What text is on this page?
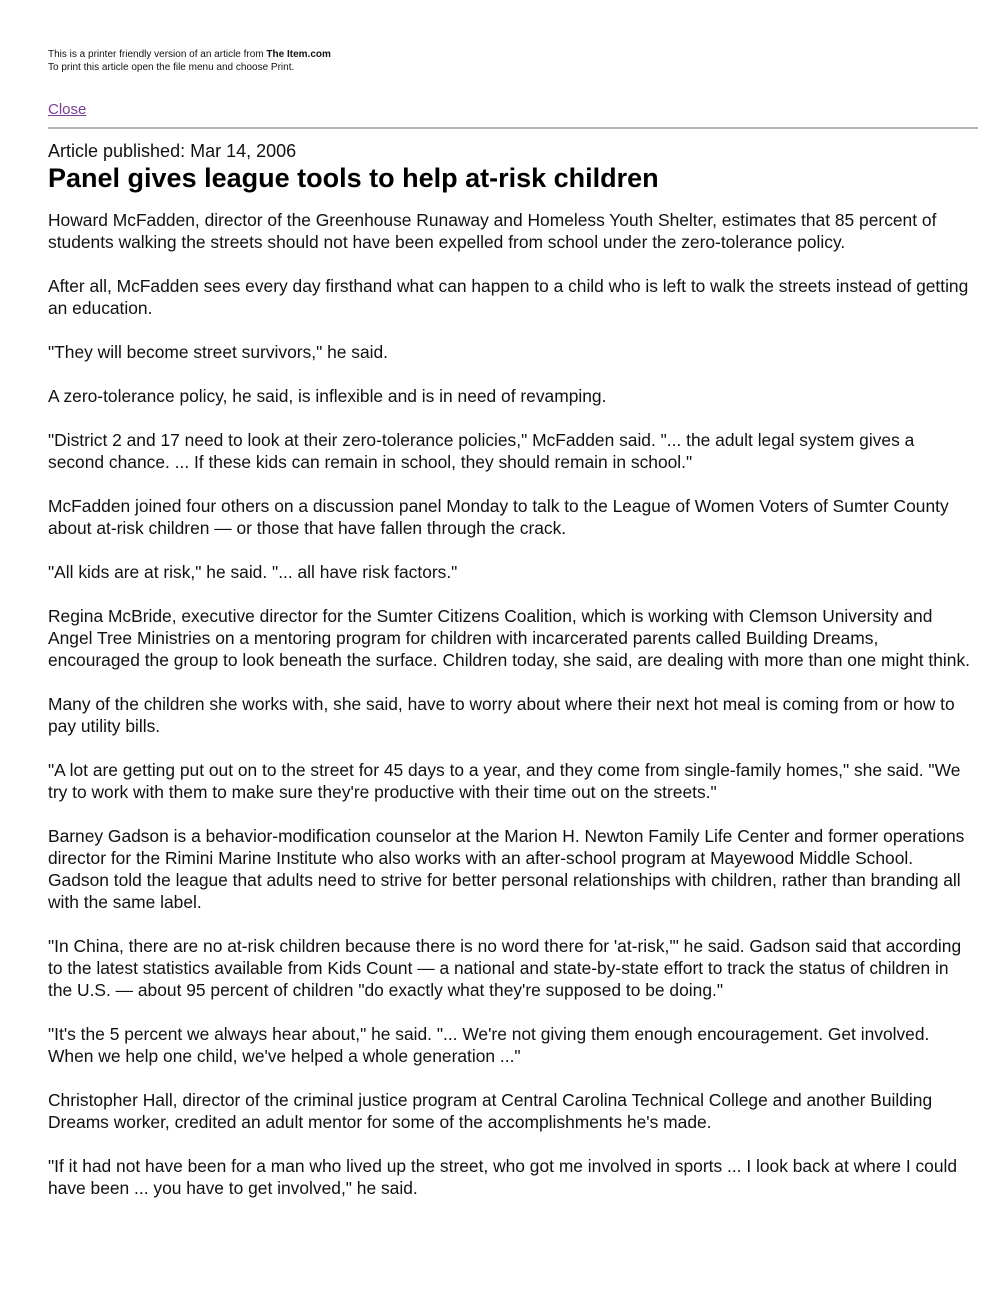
This is a printer friendly version of an article from The Item.com
To print this article open the file menu and choose Print.
Close
Article published: Mar 14, 2006
Panel gives league tools to help at-risk children

Howard McFadden, director of the Greenhouse Runaway and Homeless Youth Shelter, estimates that 85 percent of students walking the streets should not have been expelled from school under the zero-tolerance policy.

After all, McFadden sees every day firsthand what can happen to a child who is left to walk the streets instead of getting an education.

"They will become street survivors," he said.

A zero-tolerance policy, he said, is inflexible and is in need of revamping.

"District 2 and 17 need to look at their zero-tolerance policies," McFadden said. "... the adult legal system gives a second chance. ... If these kids can remain in school, they should remain in school."

McFadden joined four others on a discussion panel Monday to talk to the League of Women Voters of Sumter County about at-risk children — or those that have fallen through the crack.

"All kids are at risk," he said. "... all have risk factors."

Regina McBride, executive director for the Sumter Citizens Coalition, which is working with Clemson University and Angel Tree Ministries on a mentoring program for children with incarcerated parents called Building Dreams, encouraged the group to look beneath the surface. Children today, she said, are dealing with more than one might think.

Many of the children she works with, she said, have to worry about where their next hot meal is coming from or how to pay utility bills.

"A lot are getting put out on to the street for 45 days to a year, and they come from single-family homes," she said. "We try to work with them to make sure they're productive with their time out on the streets."

Barney Gadson is a behavior-modification counselor at the Marion H. Newton Family Life Center and former operations director for the Rimini Marine Institute who also works with an after-school program at Mayewood Middle School. Gadson told the league that adults need to strive for better personal relationships with children, rather than branding all with the same label.

"In China, there are no at-risk children because there is no word there for 'at-risk,'" he said. Gadson said that according to the latest statistics available from Kids Count — a national and state-by-state effort to track the status of children in the U.S. — about 95 percent of children "do exactly what they're supposed to be doing."

"It's the 5 percent we always hear about," he said. "... We're not giving them enough encouragement. Get involved. When we help one child, we've helped a whole generation ..."

Christopher Hall, director of the criminal justice program at Central Carolina Technical College and another Building Dreams worker, credited an adult mentor for some of the accomplishments he's made.

"If it had not have been for a man who lived up the street, who got me involved in sports ... I look back at where I could have been ... you have to get involved," he said.
